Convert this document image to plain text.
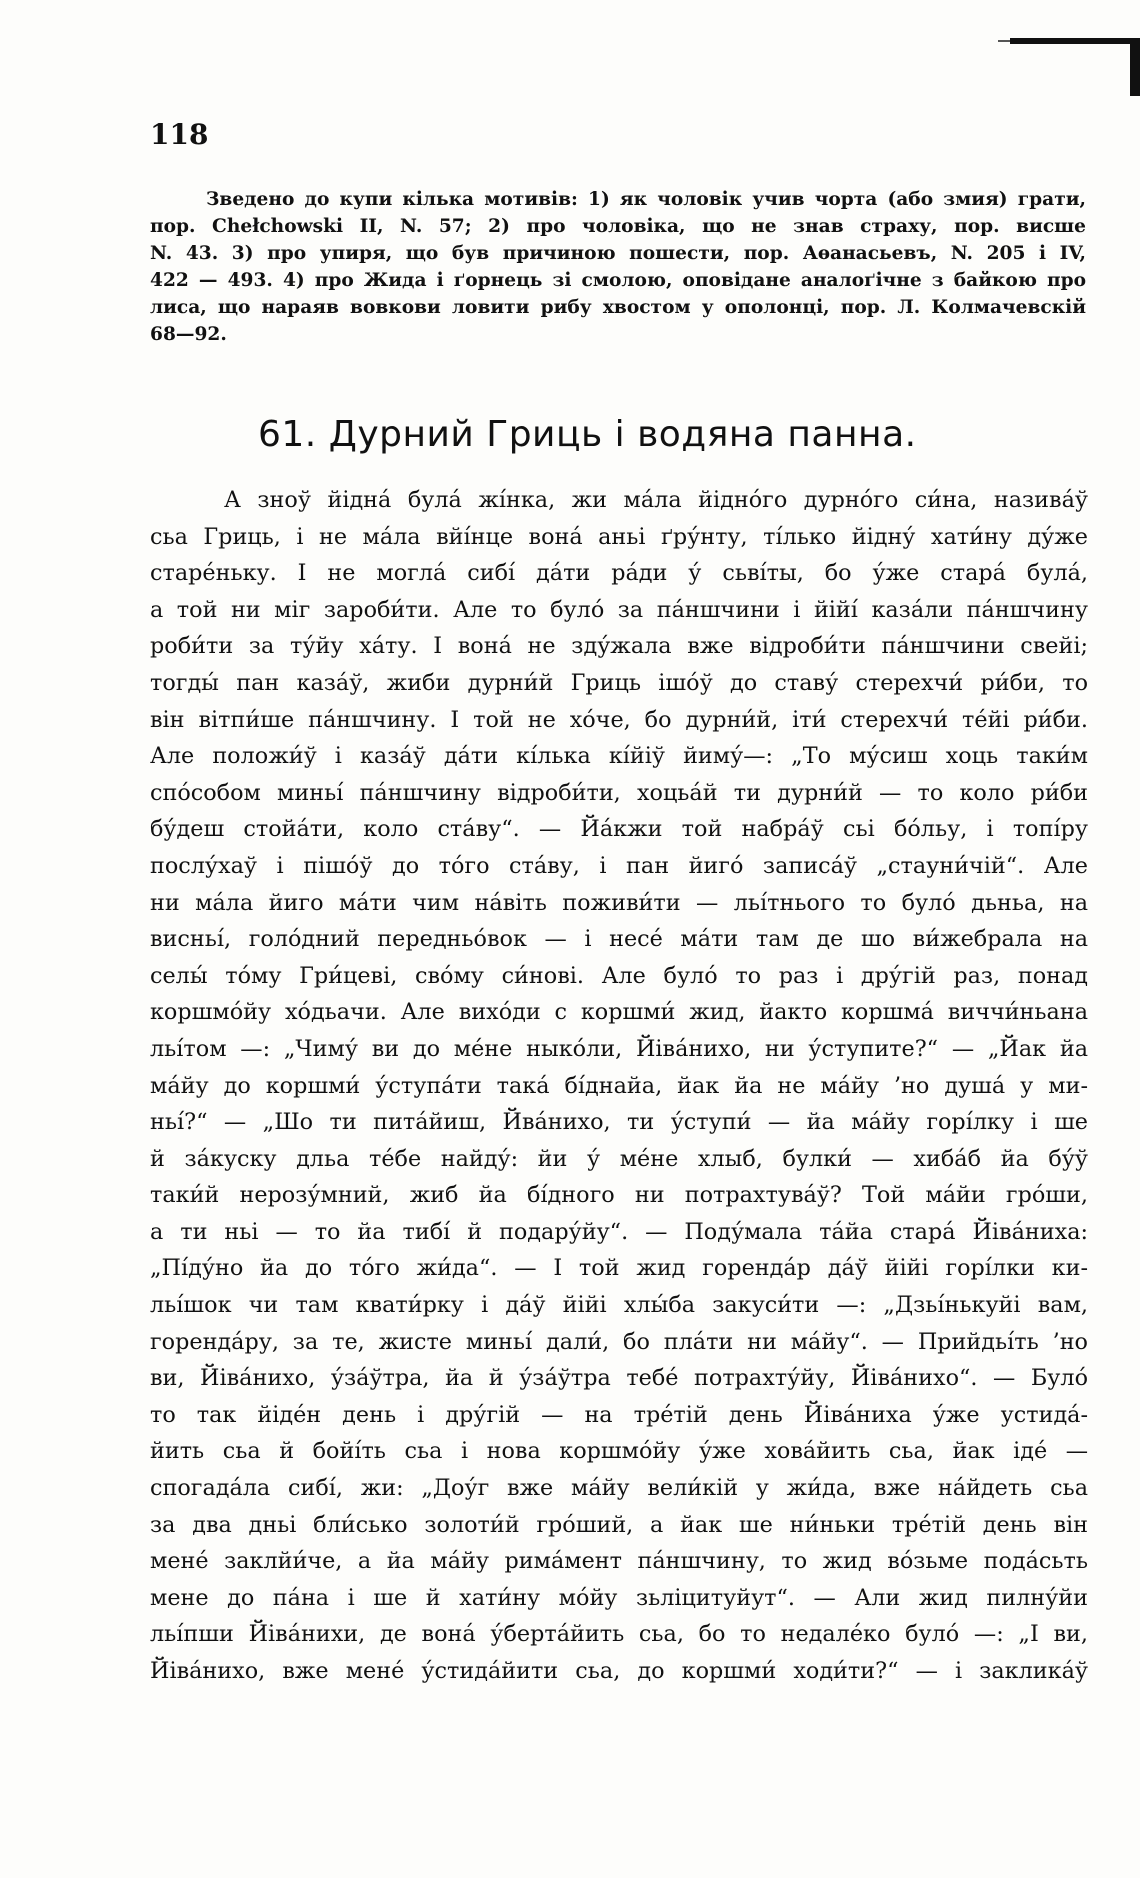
118
Зведено до купи кілька мотивів: 1) як чоловік учив чорта (або змия) грати,
пор. Chełchowski II, N. 57; 2) про чоловіка, що не знав страху, пор. висше
N. 43. 3) про упиря, що був причиною пошести, пор. Аѳанасьевъ, N. 205 і IV,
422 — 493. 4) про Жида і ґорнець зі смолою, оповідане аналоґічне з байкою про
лиса, що нараяв вовкови ловити рибу хвостом у ополонці, пор. Л. Колмачевскій
68—92.
61. Дурний Гриць і водяна панна.
А зноў йідна́ була́ жі́нка, жи ма́ла йідно́го дурно́го си́на, назива́ў
сьа Гриць, і не ма́ла вйі́нце вона́ аньі ґру́нту, ті́лько йідну́ хати́ну ду́же
старе́ньку. І не могла́ сибі́ да́ти ра́ди у́ сьві́ты, бо у́же стара́ була́,
а той ни міг зароби́ти. Але то було́ за па́ншчини і йійі́ каза́ли па́ншчину
роби́ти за ту́йу ха́ту. І вона́ не зду́жала вже відроби́ти па́ншчини свейі;
тогды́ пан каза́ў, жиби дурни́й Гриць ішо́ў до ставу́ стерехчи́ ри́би, то
він вітпи́ше па́ншчину. І той не хо́че, бо дурни́й, іти́ стерехчи́ те́йі ри́би.
Але положи́ў і каза́ў да́ти кі́лька кі́йіў йиму́—: „То му́сиш хоць таки́м
спо́собом миньі́ па́ншчину відроби́ти, хоцьа́й ти дурни́й — то коло ри́би
бу́деш стойа́ти, коло ста́ву“. — Йа́кжи той набра́ў сьі бо́льу, і топі́ру
послу́хаў і пішо́ў до то́го ста́ву, і пан йиго́ записа́ў „стауни́чій“. Але
ни ма́ла йиго ма́ти чим на́віть поживи́ти — льі́тнього то було́ дьньа, на
висньі́, голо́дний передньо́вок — і несе́ ма́ти там де шо ви́жебрала на
селы́ то́му Гри́цеві, сво́му си́нові. Але було́ то раз і дру́гій раз, понад
коршмо́йу хо́дьачи. Але вихо́ди с коршми́ жид, йакто коршма́ виччи́ньана
льі́том —: „Чиму́ ви до ме́не ныко́ли, Йіва́нихо, ни у́ступите?“ — „Йак йа
ма́йу до коршми́ у́ступа́ти така́ бі́днайа, йак йа не ма́йу ’но душа́ у ми-
ньі́?“ — „Шо ти пита́йиш, Йва́нихо, ти у́ступи́ — йа ма́йу горі́лку і ше
й за́куску дльа те́бе найду́: йи у́ ме́не хлыб, булки́ — хиба́б йа бу́ў
таки́й нерозу́мний, жиб йа бі́дного ни потрахтува́ў? Той ма́йи гро́ши,
а ти ньі — то йа тибі́ й подару́йу“. — Поду́мала та́йа стара́ Йіва́ниха:
„Пі́ду́но йа до то́го жи́да“. — І той жид горенда́р да́ў йійі горі́лки ки-
льі́шок чи там квати́рку і да́ў йійі хлы́ба закуси́ти —: „Дзьі́нькуйі вам,
горенда́ру, за те, жисте миньі́ дали́, бо пла́ти ни ма́йу“. — Прийдьі́ть ’но
ви, Йіва́нихо, у́за́ўтра, йа й у́за́ўтра тебе́ потрахту́йу, Йіва́нихо“. — Було́
то так йіде́н день і дру́гій — на тре́тій день Йіва́ниха у́же устида́-
йить сьа й бойі́ть сьа і нова коршмо́йу у́же хова́йить сьа, йак іде́ —
спогада́ла сибі́, жи: „Доу́г вже ма́йу вели́кій у жи́да, вже на́йдеть сьа
за два дньі бли́сько золоти́й гро́ший, а йак ше ни́ньки тре́тій день він
мене́ заклйи́че, а йа ма́йу рима́мент па́ншчину, то жид во́зьме пода́сьть
мене до па́на і ше й хати́ну мо́йу зьліцитуйут“. — Али жид пилну́йи
льі́пши Йіва́ниxи, де вона́ у́берта́йить сьа, бо то недале́ко було́ —: „І ви,
Йіва́нихо, вже мене́ у́стида́йити сьа, до коршми́ ходи́ти?“ — і заклика́ў
